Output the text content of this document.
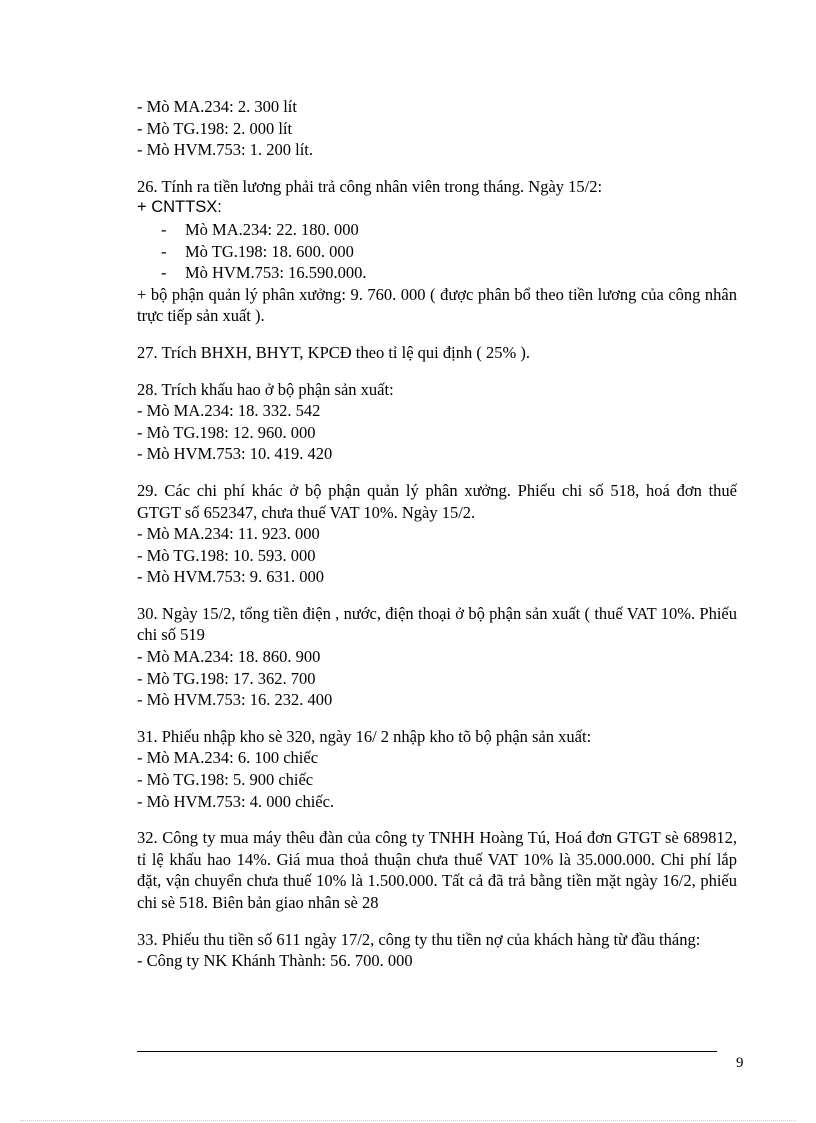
- Mò MA.234: 2. 300 lít

- Mò TG.198: 2. 000 lít

- Mò HVM.753: 1. 200 lít.

26. Tính ra tiền lương phải trả công nhân viên trong tháng. Ngày 15/2:

+ CNTTSX:

- Mò MA.234: 22. 180. 000

- Mò TG.198: 18. 600. 000

- Mò HVM.753: 16.590.000.

+ bộ phận quản lý phân xưởng: 9. 760. 000 ( được phân bổ theo tiền lương của công nhân trực tiếp sản xuất ).

27. Trích BHXH, BHYT, KPCĐ theo tỉ lệ qui định ( 25% ).

28. Trích khấu hao ở bộ phận sản xuất:

- Mò MA.234: 18. 332. 542

- Mò TG.198: 12. 960. 000

- Mò HVM.753: 10. 419. 420

29. Các chi phí khác ở bộ phận quản lý phân xưởng. Phiếu chi số 518, hoá đơn thuế GTGT số 652347, chưa thuế VAT 10%. Ngày 15/2.

- Mò MA.234: 11. 923. 000

- Mò TG.198: 10. 593. 000

- Mò HVM.753: 9. 631. 000

30. Ngày 15/2, tổng tiền điện , nước, điện thoại ở bộ phận sản xuất ( thuế VAT 10%. Phiếu chi số 519

- Mò MA.234: 18. 860. 900

- Mò TG.198: 17. 362. 700

- Mò HVM.753: 16. 232. 400

31. Phiếu nhập kho sè 320, ngày 16/ 2 nhập kho tõ bộ phận sản xuất:

- Mò MA.234: 6. 100 chiếc

- Mò TG.198: 5. 900 chiếc

- Mò HVM.753: 4. 000 chiếc.

32. Công ty mua máy thêu đàn của công ty TNHH Hoàng Tú, Hoá đơn GTGT sè 689812, tỉ lệ khấu hao 14%. Giá mua thoả thuận chưa thuế VAT 10% là 35.000.000. Chi phí lắp đặt, vận chuyển chưa thuế 10% là 1.500.000. Tất cả đã trả bằng tiền mặt ngày 16/2, phiếu chi sè 518. Biên bản giao nhân sè 28

33. Phiếu thu tiền số 611 ngày 17/2, công ty thu tiền nợ của khách hàng từ đầu tháng:

- Công ty NK Khánh Thành: 56. 700. 000

9
